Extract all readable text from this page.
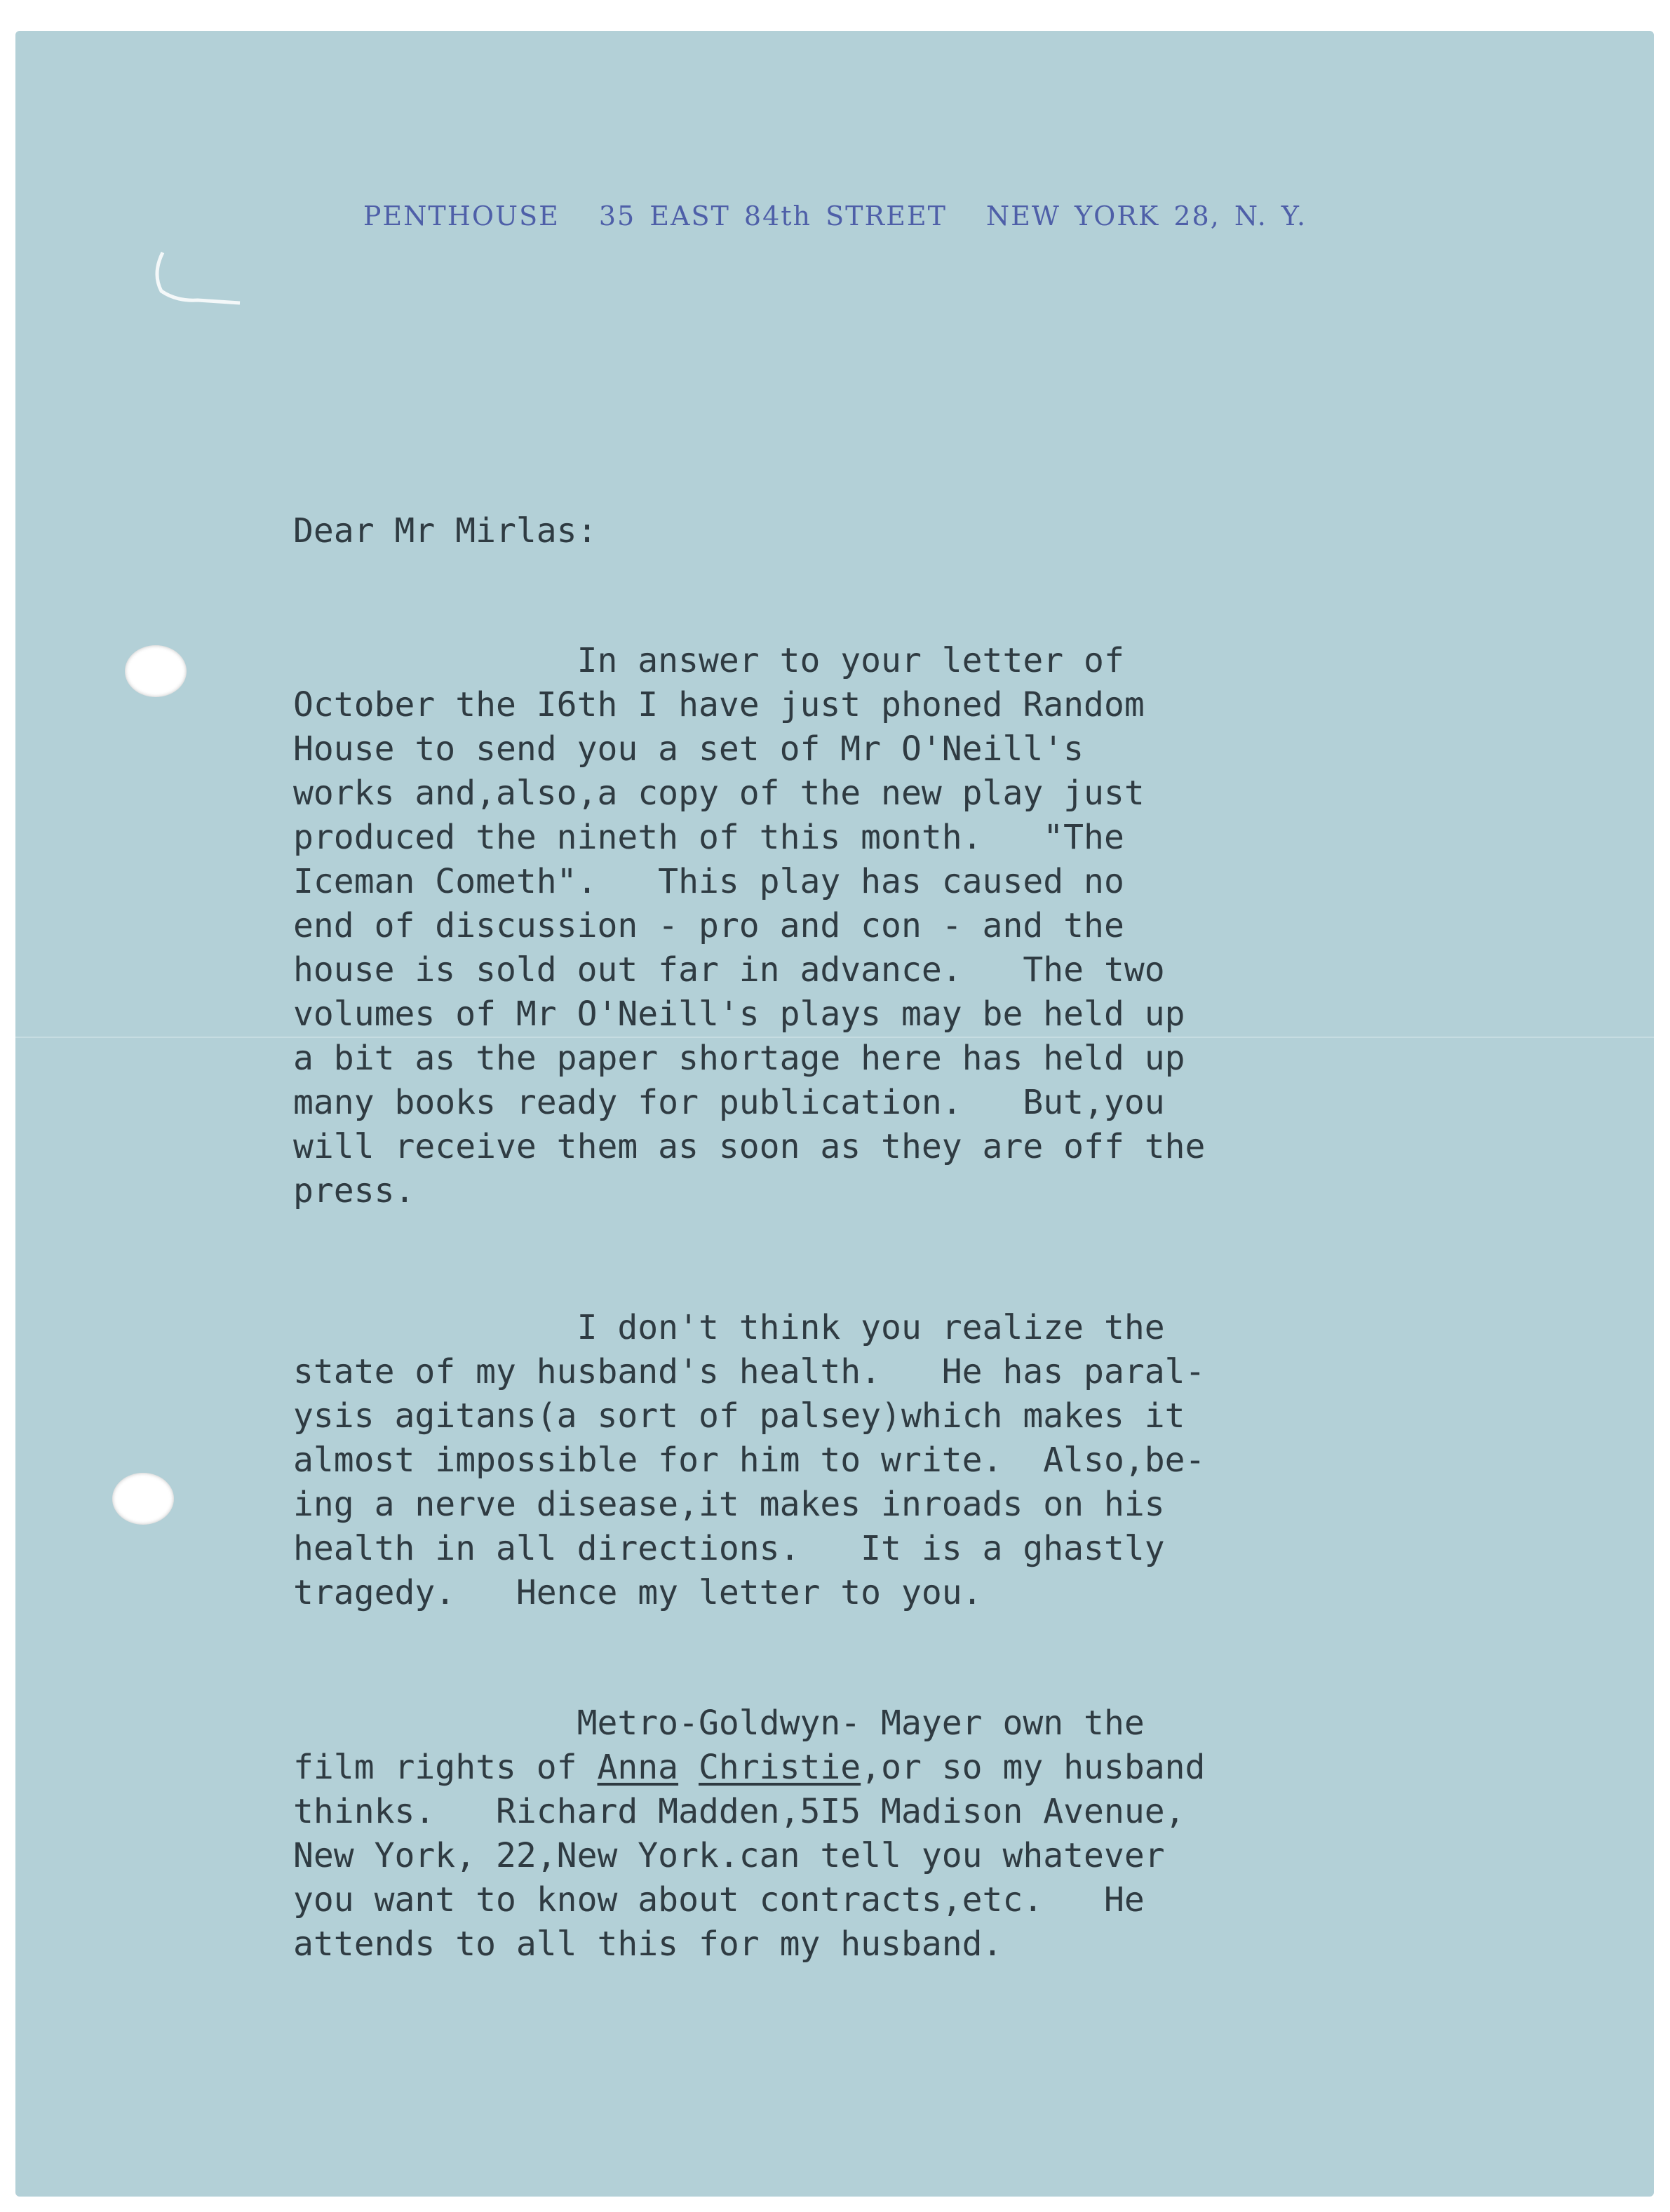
PENTHOUSE 35 EAST 84th STREET NEW YORK 28, N. Y.
Dear Mr Mirlas:
In answer to your letter of
October the I6th I have just phoned Random
House to send you a set of Mr O'Neill's
works and,also,a copy of the new play just
produced the nineth of this month.   "The
Iceman Cometh".   This play has caused no
end of discussion - pro and con - and the
house is sold out far in advance.   The two
volumes of Mr O'Neill's plays may be held up
a bit as the paper shortage here has held up
many books ready for publication.   But,you
will receive them as soon as they are off the
press.
I don't think you realize the
state of my husband's health.   He has paral-
ysis agitans(a sort of palsey)which makes it
almost impossible for him to write.  Also,be-
ing a nerve disease,it makes inroads on his
health in all directions.   It is a ghastly
tragedy.   Hence my letter to you.
Metro-Goldwyn- Mayer own the
film rights of Anna Christie,or so my husband
thinks.   Richard Madden,5I5 Madison Avenue,
New York, 22,New York.can tell you whatever
you want to know about contracts,etc.   He
attends to all this for my husband.
